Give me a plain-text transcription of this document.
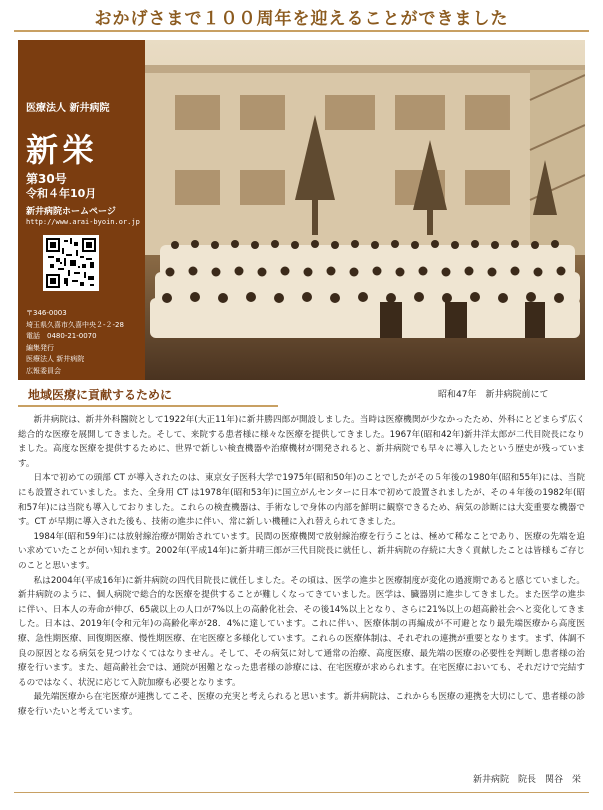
おかげさまで１００周年を迎えることができました
医療法人 新井病院
新栄
第30号
令和４年10月
新井病院ホームページ
http://www.arai-byoin.or.jp
〒346-0003
埼玉県久喜市久喜中央２-２-28
電話　0480-21-0070
編集発行
医療法人 新井病院
広報委員会
地域医療に貢献するために	昭和47年　新井病院前にて

新井病院は、新井外科醫院として1922年(大正11年)に新井勝四郎が開設しました。当時は医療機関が少なかったため、外科にとどまらず広く総合的な医療を展開してきました。そして、来院する患者様に様々な医療を提供してきました。1967年(昭和42年)新井洋太郎が二代目院長になりました。高度な医療を提供するために、世界で新しい検査機器や治療機材が開発されると、新井病院でも早々に導入したという歴史が残っています。

日本で初めての頭部 CT が導入されたのは、東京女子医科大学で1975年(昭和50年)のことでしたがその５年後の1980年(昭和55年)には、当院にも設置されていました。また、全身用 CT は1978年(昭和53年)に国立がんセンターに日本で初めて設置されましたが、その４年後の1982年(昭和57年)には当院も導入しておりました。これらの検査機器は、手術なしで身体の内部を鮮明に観察できるため、病気の診断には大変重要な機器です。CT が早期に導入された後も、技術の進歩に伴い、常に新しい機種に入れ替えられてきました。

1984年(昭和59年)には放射線治療が開始されています。民間の医療機関で放射線治療を行うことは、極めて稀なことであり、医療の先端を追い求めていたことが伺い知れます。2002年(平成14年)に新井晴三郎が三代目院長に就任し、新井病院の存続に大きく貢献したことは皆様もご存じのことと思います。

私は2004年(平成16年)に新井病院の四代目院長に就任しました。その頃は、医学の進歩と医療制度が変化の過渡期であると感じていました。新井病院のように、個人病院で総合的な医療を提供することが難しくなってきていました。医学は、臓器別に進歩してきました。また医学の進歩に伴い、日本人の寿命が伸び、65歳以上の人口が7%以上の高齢化社会、その後14%以上となり、さらに21%以上の超高齢社会へと変化してきました。日本は、2019年(令和元年)の高齢化率が28．4%に達しています。これに伴い、医療体制の再編成が不可避となり最先端医療から高度医療、急性期医療、回復期医療、慢性期医療、在宅医療と多様化しています。これらの医療体制は、それぞれの連携が重要となります。まず、体調不良の原因となる病気を見つけなくてはなりません。そして、その病気に対して通常の治療、高度医療、最先端の医療の必要性を判断し患者様の治療を行います。また、超高齢社会では、通院が困難となった患者様の診療には、在宅医療が求められます。在宅医療においても、それだけで完結するのではなく、状況に応じて入院加療も必要となります。

最先端医療から在宅医療が連携してこそ、医療の充実と考えられると思います。新井病院は、これからも医療の連携を大切にして、患者様の診療を行いたいと考えています。

新井病院　院長　関谷　栄
